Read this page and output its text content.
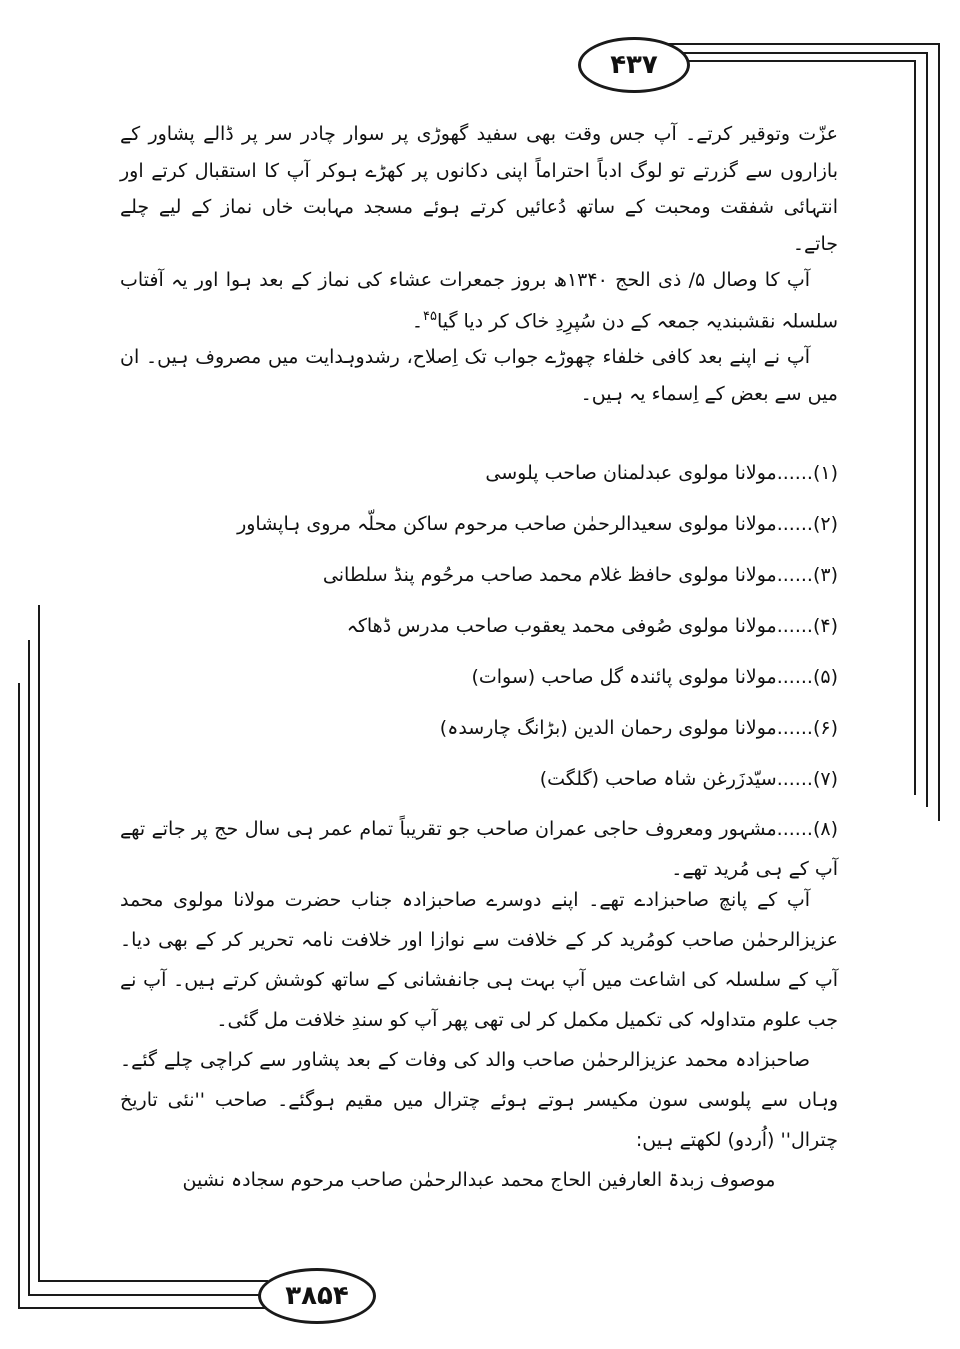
۴۳۷
۳۸۵۴

عزّت وتوقیر کرتے۔ آپ جس وقت بھی سفید گھوڑی پر سوار چادر سر پر ڈالے پشاور کے بازاروں سے گزرتے تو لوگ ادباً احتراماً اپنی دکانوں پر کھڑے ہوکر آپ کا استقبال کرتے اور انتہائی شفقت ومحبت کے ساتھ دُعائیں کرتے ہوئے مسجد مہابت خاں نماز کے لیے چلے جاتے۔

آپ کا وصال ۵/ ذی الحج ۱۳۴۰ھ بروز جمعرات عشاء کی نماز کے بعد ہوا اور یہ آفتاب سلسلہ نقشبندیہ جمعہ کے دن سُپرِدِ خاک کر دیا گیا$^{۴۵}$۔

آپ نے اپنے بعد کافی خلفاء چھوڑے جواب تک اِصلاح، رشدوہدایت میں مصروف ہیں۔ ان میں سے بعض کے اِسماء یہ ہیں۔

(۱)......مولانا مولوی عبدلمنان صاحب پلوسی

(۲)......مولانا مولوی سعیدالرحمٰن صاحب مرحوم ساکن محلّہ مروی ہاپشاور

(۳)......مولانا مولوی حافظ غلام محمد صاحب مرحُوم پنڈ سلطانی

(۴)......مولانا مولوی صُوفی محمد یعقوب صاحب مدرس ڈھاکہ

(۵)......مولانا مولوی پائندہ گل صاحب (سوات)

(۶)......مولانا مولوی رحمان الدین (بڑانگ چارسدہ)

(۷)......سیّدزَرغن شاہ صاحب (گلگت)

(۸)......مشہور ومعروف حاجی عمران صاحب جو تقریباً تمام عمر ہی سال حج پر جاتے تھے آپ کے ہی مُرید تھے۔

آپ کے پانچ صاحبزادے تھے۔ اپنے دوسرے صاحبزادہ جناب حضرت مولانا مولوی محمد عزیزالرحمٰن صاحب کومُرید کر کے خلافت سے نوازا اور خلافت نامہ تحریر کر کے بھی دیا۔ آپ کے سلسلہ کی اشاعت میں آپ بہت ہی جانفشانی کے ساتھ کوشش کرتے ہیں۔ آپ نے جب علوم متداولہ کی تکمیل مکمل کر لی تھی پھر آپ کو سندِ خلافت مل گئی۔

صاحبزادہ محمد عزیزالرحمٰن صاحب والد کی وفات کے بعد پشاور سے کراچی چلے گئے۔ وہاں سے پلوسی سون مکیسر ہوتے ہوئے چترال میں مقیم ہوگئے۔ صاحب ''نئی تاریخ چترال'' (اُردو) لکھتے ہیں:

موصوف زبدۃ العارفین الحاج محمد عبدالرحمٰن صاحب مرحوم سجادہ نشین
